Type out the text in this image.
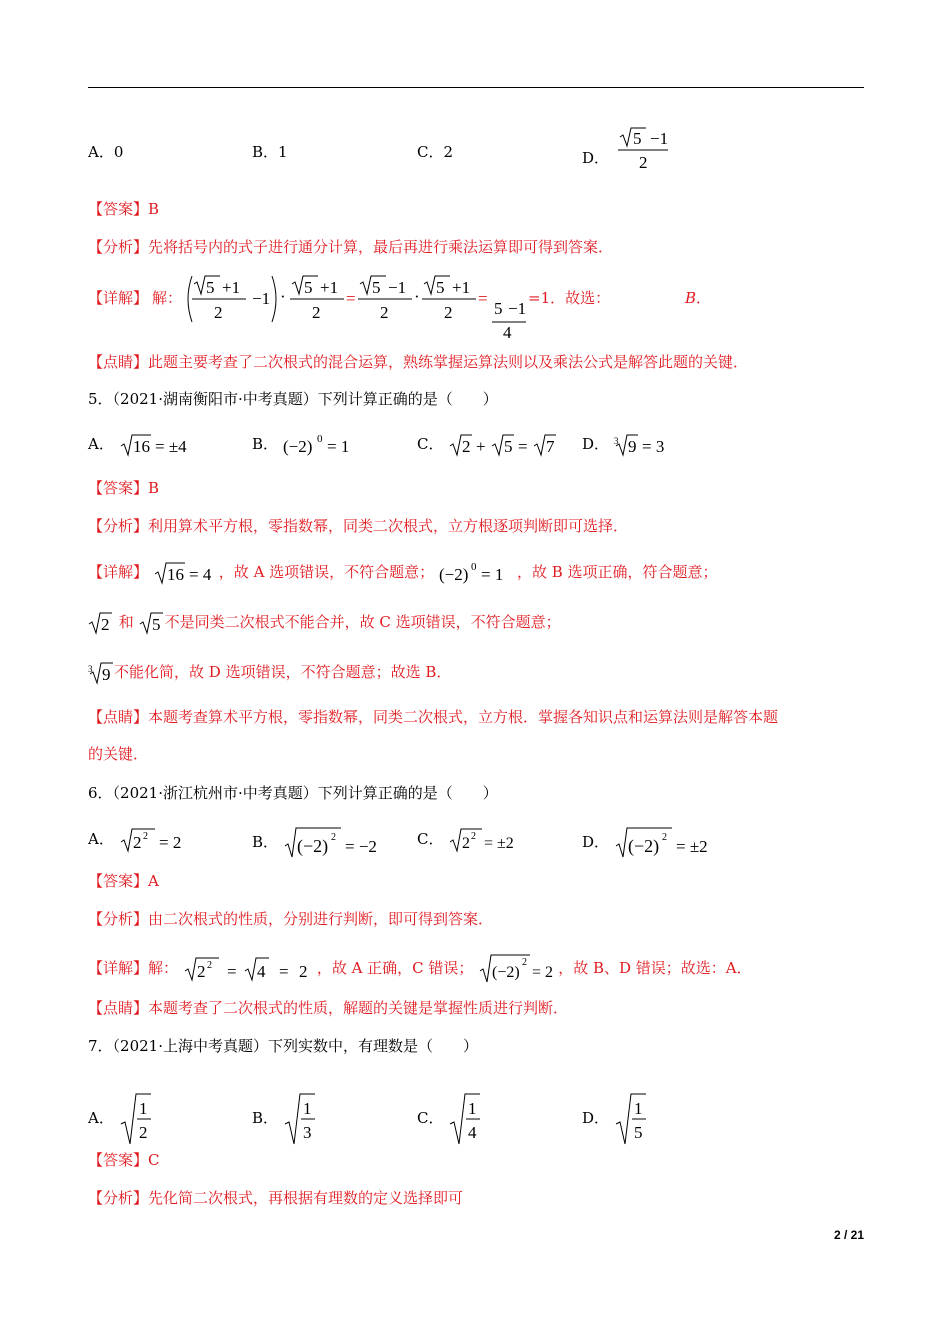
A．0	B．1	C．2	D．
5 −1
2
【答案】B
【分析】先将括号内的式子进行通分计算，最后再进行乘法运算即可得到答案．
【详解】 解：
5 +1
2
−1 · 5 +1
2
=
5 −1
2
· 5 +1
2
=
5 −1
4
=1．故选：	B ．
【点睛】此题主要考查了二次根式的混合运算，熟练掌握运算法则以及乘法公式是解答此题的关键．
5．（2021·湖南衡阳市·中考真题）下列计算正确的是（　　）
A． 16 = ±4	B． (−2) 0 = 1	C． 2 + 5 = 7 D． 3 9 = 3
【答案】B
【分析】利用算术平方根，零指数幂，同类二次根式，立方根逐项判断即可选择．
【详解】 16 = 4 ，故 A 选项错误，不符合题意； (−2) 0 = 1 ，故 B 选项正确，符合题意；
2 和 5 不是同类二次根式不能合并，故 C 选项错误，不符合题意；
3 9 不能化简，故 D 选项错误，不符合题意；故选 B．
【点睛】本题考查算术平方根，零指数幂，同类二次根式，立方根．掌握各知识点和运算法则是解答本题
的关键．
6．（2021·浙江杭州市·中考真题）下列计算正确的是（　　）
A． 2 2 = 2	B． (−2) 2 = −2	C． 2 2 = ±2	D． (−2) 2 = ±2
【答案】A
【分析】由二次根式的性质，分别进行判断，即可得到答案．
【详解】解： 2 2 = 4 = 2 ，故 A 正确，C 错误； (−2)
2
= 2 ，故 B、D 错误；故选：A．
【点睛】本题考查了二次根式的性质，解题的关键是掌握性质进行判断．
7．（2021·上海中考真题）下列实数中，有理数是（　　）
A． 1
2
B． 1
3
C． 1
4
D． 1
5
【答案】C
【分析】先化简二次根式，再根据有理数的定义选择即可
2 / 21
